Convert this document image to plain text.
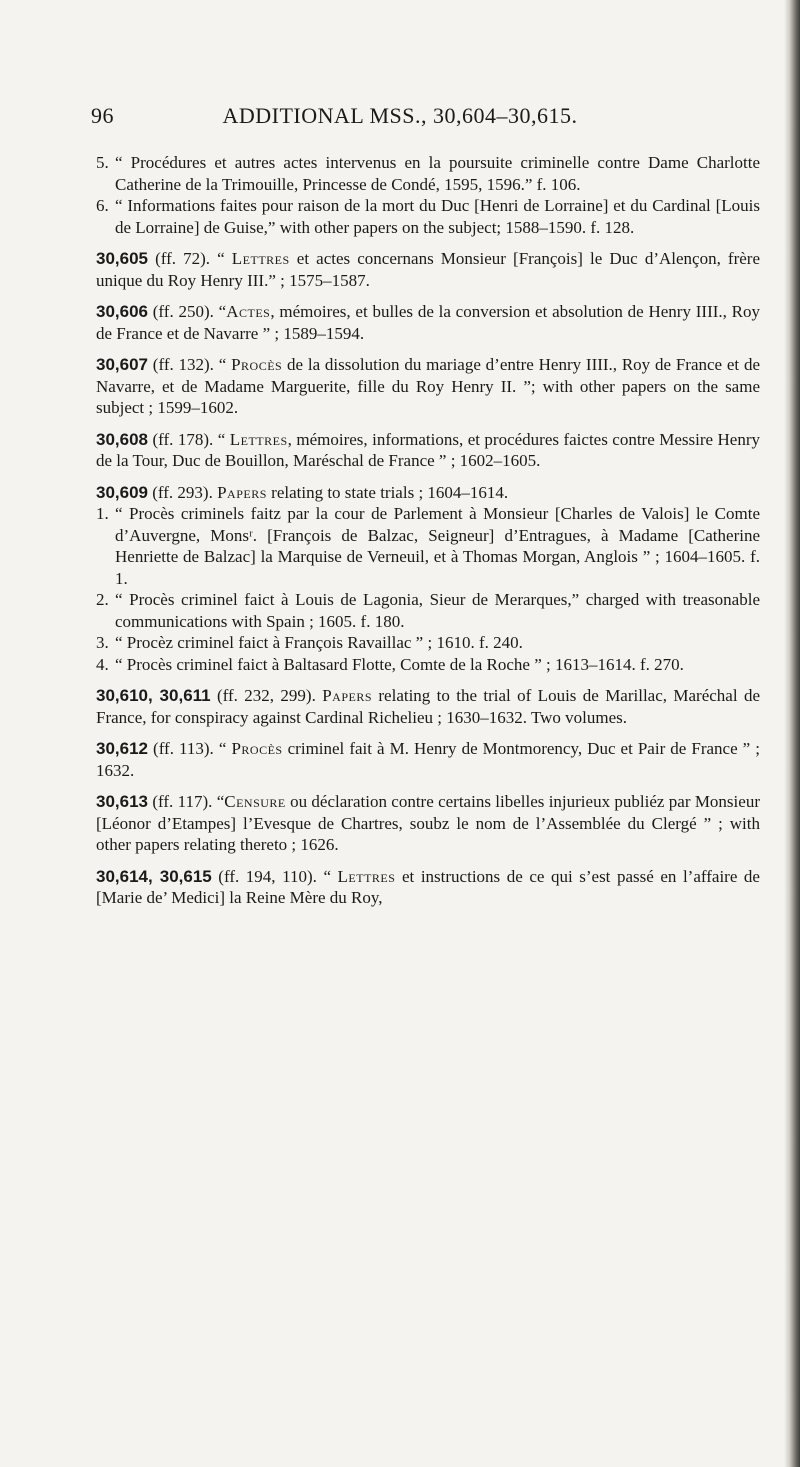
96	ADDITIONAL MSS., 30,604–30,615.
5. “ Procédures et autres actes intervenus en la poursuite criminelle contre Dame Charlotte Catherine de la Trimouille, Princesse de Condé, 1595, 1596.” f. 106.
6. “ Informations faites pour raison de la mort du Duc [Henri de Lorraine] et du Cardinal [Louis de Lorraine] de Guise,” with other papers on the subject; 1588–1590. f. 128.

30,605 (ff. 72). “ Lettres et actes concernans Monsieur [François] le Duc d’Alençon, frère unique du Roy Henry III.” ; 1575–1587.

30,606 (ff. 250). “Actes, mémoires, et bulles de la conversion et absolution de Henry IIII., Roy de France et de Navarre ” ; 1589–1594.

30,607 (ff. 132). “ Procès de la dissolution du mariage d’entre Henry IIII., Roy de France et de Navarre, et de Madame Marguerite, fille du Roy Henry II. ”; with other papers on the same subject ; 1599–1602.

30,608 (ff. 178). “ Lettres, mémoires, informations, et procédures faictes contre Messire Henry de la Tour, Duc de Bouillon, Maréschal de France ” ; 1602–1605.

30,609 (ff. 293). Papers relating to state trials ; 1604–1614.

1. “ Procès criminels faitz par la cour de Parlement à Monsieur [Charles de Valois] le Comte d’Auvergne, Monsʳ. [François de Balzac, Seigneur] d’Entragues, à Madame [Catherine Henriette de Balzac] la Marquise de Verneuil, et à Thomas Morgan, Anglois ” ; 1604–1605. f. 1.
2. “ Procès criminel faict à Louis de Lagonia, Sieur de Merarques,” charged with treasonable communications with Spain ; 1605. f. 180.
3. “ Procèz criminel faict à François Ravaillac ” ; 1610. f. 240.
4. “ Procès criminel faict à Baltasard Flotte, Comte de la Roche ” ; 1613–1614. f. 270.

30,610, 30,611 (ff. 232, 299). Papers relating to the trial of Louis de Marillac, Maréchal de France, for conspiracy against Cardinal Richelieu ; 1630–1632. Two volumes.

30,612 (ff. 113). “ Procès criminel fait à M. Henry de Montmorency, Duc et Pair de France ” ; 1632.

30,613 (ff. 117). “Censure ou déclaration contre certains libelles injurieux publiéz par Monsieur [Léonor d’Etampes] l’Evesque de Chartres, soubz le nom de l’Assemblée du Clergé ” ; with other papers relating thereto ; 1626.

30,614, 30,615 (ff. 194, 110). “ Lettres et instructions de ce qui s’est passé en l’affaire de [Marie de’ Medici] la Reine Mère du Roy,
